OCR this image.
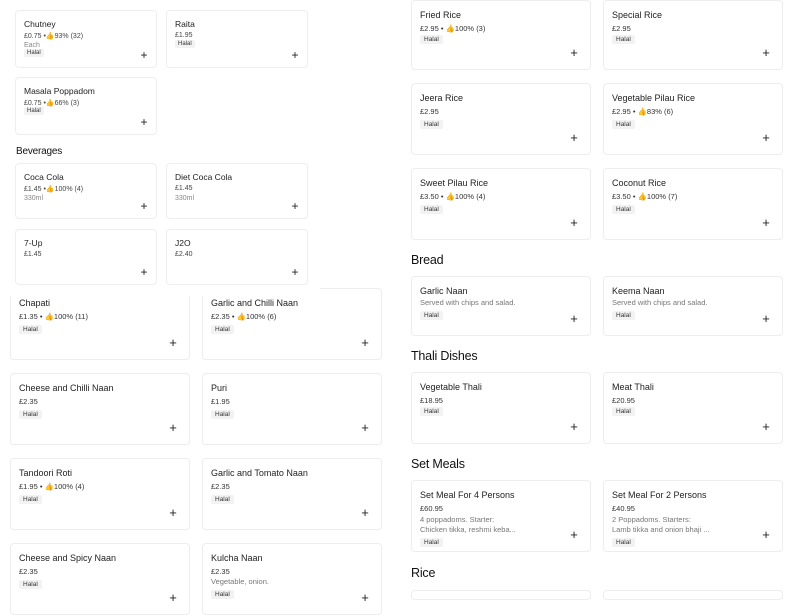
Chapati
£1.35 • 👍100% (11)
Halal
+
Garlic and Chilli Naan
£2.35 • 👍100% (6)
Halal
+
Cheese and Chilli Naan
£2.35
Halal
+
Puri
£1.95
Halal
+
Tandoori Roti
£1.95 • 👍100% (4)
Halal
+
Garlic and Tomato Naan
£2.35
Halal
+
Cheese and Spicy Naan
£2.35
Halal
+
Kulcha Naan
£2.35
Vegetable, onion.
Halal	+
Chutney
£0.75 •👍93% (32)
Each
Halal	+
Raita
£1.95
Halal
+
Masala Poppadom
£0.75 •👍66% (3)
Halal
+
Beverages
Coca Cola
£1.45 •👍100% (4)
330ml
+
Diet Coca Cola
£1.45
330ml
+
7-Up
£1.45
+
J2O
£2.40
+
Fried Rice
£2.95 • 👍100% (3)
Halal
+
Special Rice
£2.95
Halal
+
Jeera Rice
£2.95
Halal
+
Vegetable Pilau Rice
£2.95 • 👍83% (6)
Halal
+
Sweet Pilau Rice
£3.50 • 👍100% (4)
Halal
+
Coconut Rice
£3.50 • 👍100% (7)
Halal
+
Bread
Garlic Naan
Served with chips and salad.
Halal	+
Keema Naan
Served with chips and salad.
Halal	+
Thali Dishes
Vegetable Thali
£18.95
Halal
+
Meat Thali
£20.95
Halal
+
Set Meals
Set Meal For 4 Persons
£60.95
4 poppadoms. Starter:
Chicken tikka, reshmi keba...
Halal
+
Set Meal For 2 Persons
£40.95
2 Poppadoms. Starters:
Lamb tikka and onion bhaji ...
Halal
+
Rice
